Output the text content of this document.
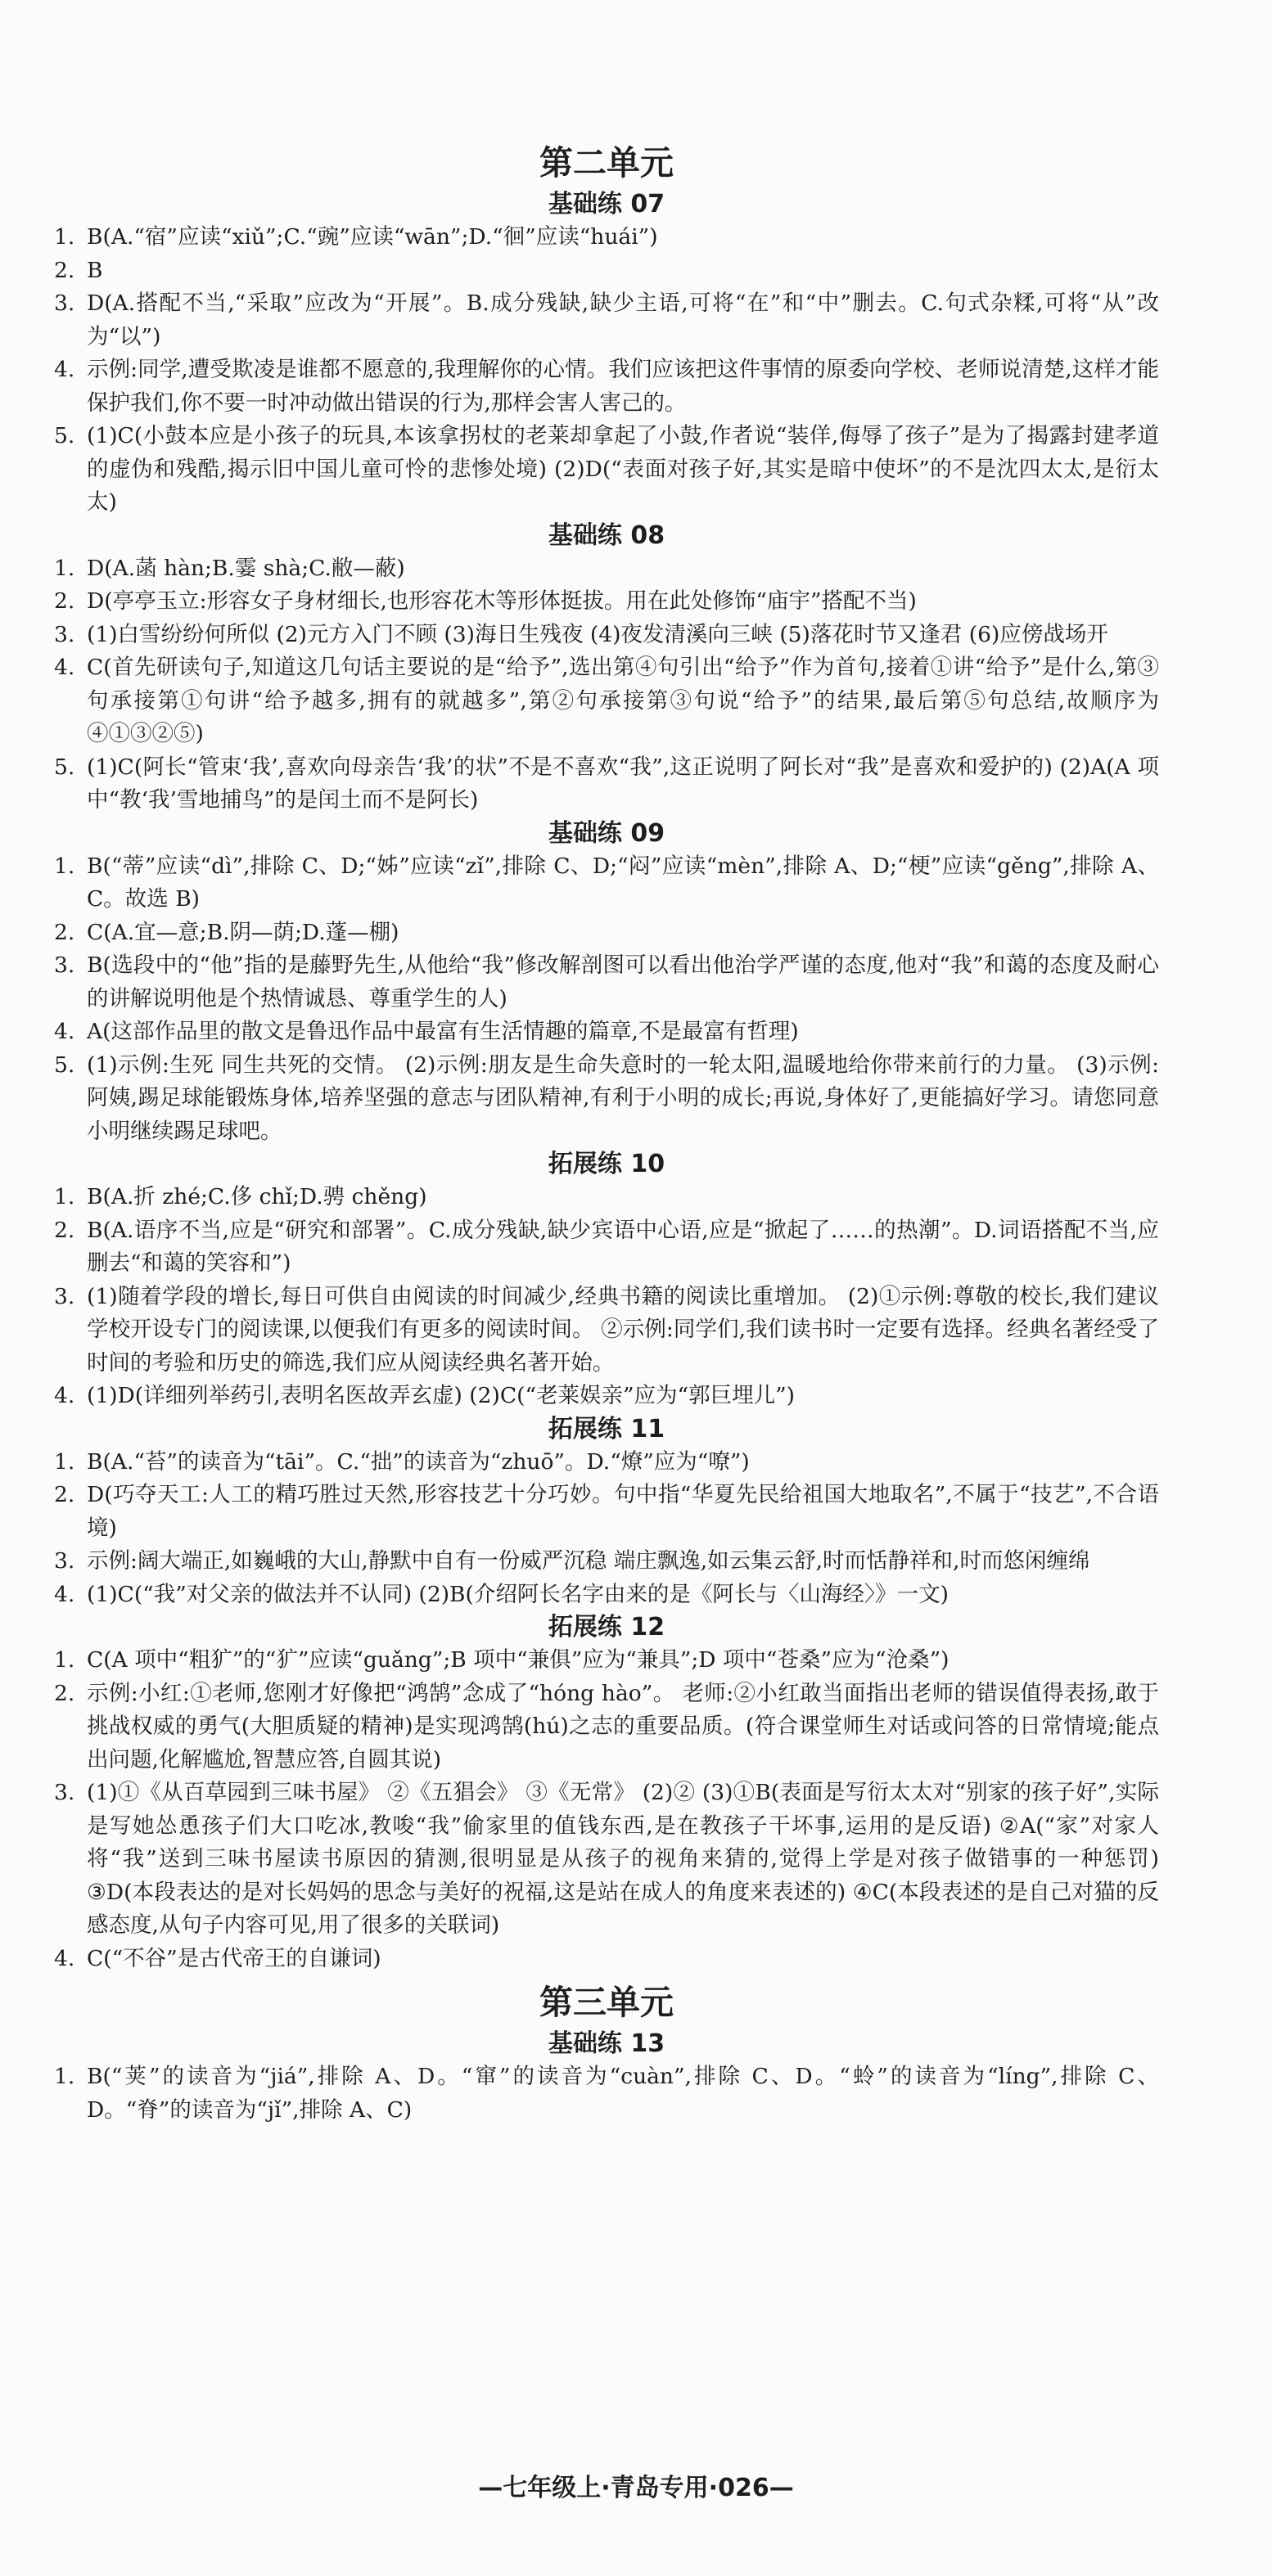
第二单元
基础练 07
1. B(A.“宿”应读“xiǔ”;C.“豌”应读“wān”;D.“徊”应读“huái”)
2. B
3. D(A.搭配不当,“采取”应改为“开展”。B.成分残缺,缺少主语,可将“在”和“中”删去。C.句式杂糅,可将“从”改为“以”)
4. 示例:同学,遭受欺凌是谁都不愿意的,我理解你的心情。我们应该把这件事情的原委向学校、老师说清楚,这样才能保护我们,你不要一时冲动做出错误的行为,那样会害人害己的。
5. (1)C(小鼓本应是小孩子的玩具,本该拿拐杖的老莱却拿起了小鼓,作者说“装佯,侮辱了孩子”是为了揭露封建孝道的虚伪和残酷,揭示旧中国儿童可怜的悲惨处境) (2)D(“表面对孩子好,其实是暗中使坏”的不是沈四太太,是衍太太)
基础练 08
1. D(A.菡 hàn;B.霎 shà;C.敝—蔽)
2. D(亭亭玉立:形容女子身材细长,也形容花木等形体挺拔。用在此处修饰“庙宇”搭配不当)
3. (1)白雪纷纷何所似 (2)元方入门不顾 (3)海日生残夜 (4)夜发清溪向三峡 (5)落花时节又逢君 (6)应傍战场开
4. C(首先研读句子,知道这几句话主要说的是“给予”,选出第④句引出“给予”作为首句,接着①讲“给予”是什么,第③句承接第①句讲“给予越多,拥有的就越多”,第②句承接第③句说“给予”的结果,最后第⑤句总结,故顺序为④①③②⑤)
5. (1)C(阿长“管束‘我’,喜欢向母亲告‘我’的状”不是不喜欢“我”,这正说明了阿长对“我”是喜欢和爱护的) (2)A(A 项中“教‘我’雪地捕鸟”的是闰土而不是阿长)
基础练 09
1. B(“蒂”应读“dì”,排除 C、D;“姊”应读“zǐ”,排除 C、D;“闷”应读“mèn”,排除 A、D;“梗”应读“gěng”,排除 A、C。故选 B)
2. C(A.宜—意;B.阴—荫;D.蓬—棚)
3. B(选段中的“他”指的是藤野先生,从他给“我”修改解剖图可以看出他治学严谨的态度,他对“我”和蔼的态度及耐心的讲解说明他是个热情诚恳、尊重学生的人)
4. A(这部作品里的散文是鲁迅作品中最富有生活情趣的篇章,不是最富有哲理)
5. (1)示例:生死 同生共死的交情。 (2)示例:朋友是生命失意时的一轮太阳,温暖地给你带来前行的力量。 (3)示例:阿姨,踢足球能锻炼身体,培养坚强的意志与团队精神,有利于小明的成长;再说,身体好了,更能搞好学习。请您同意小明继续踢足球吧。
拓展练 10
1. B(A.折 zhé;C.侈 chǐ;D.骋 chěng)
2. B(A.语序不当,应是“研究和部署”。C.成分残缺,缺少宾语中心语,应是“掀起了……的热潮”。D.词语搭配不当,应删去“和蔼的笑容和”)
3. (1)随着学段的增长,每日可供自由阅读的时间减少,经典书籍的阅读比重增加。 (2)①示例:尊敬的校长,我们建议学校开设专门的阅读课,以便我们有更多的阅读时间。 ②示例:同学们,我们读书时一定要有选择。经典名著经受了时间的考验和历史的筛选,我们应从阅读经典名著开始。
4. (1)D(详细列举药引,表明名医故弄玄虚) (2)C(“老莱娱亲”应为“郭巨埋儿”)
拓展练 11
1. B(A.“苔”的读音为“tāi”。C.“拙”的读音为“zhuō”。D.“燎”应为“嘹”)
2. D(巧夺天工:人工的精巧胜过天然,形容技艺十分巧妙。句中指“华夏先民给祖国大地取名”,不属于“技艺”,不合语境)
3. 示例:阔大端正,如巍峨的大山,静默中自有一份威严沉稳 端庄飘逸,如云集云舒,时而恬静祥和,时而悠闲缠绵
4. (1)C(“我”对父亲的做法并不认同) (2)B(介绍阿长名字由来的是《阿长与〈山海经〉》一文)
拓展练 12
1. C(A 项中“粗犷”的“犷”应读“guǎng”;B 项中“兼俱”应为“兼具”;D 项中“苍桑”应为“沧桑”)
2. 示例:小红:①老师,您刚才好像把“鸿鹄”念成了“hóng hào”。 老师:②小红敢当面指出老师的错误值得表扬,敢于挑战权威的勇气(大胆质疑的精神)是实现鸿鹄(hú)之志的重要品质。(符合课堂师生对话或问答的日常情境;能点出问题,化解尴尬,智慧应答,自圆其说)
3. (1)①《从百草园到三味书屋》 ②《五猖会》 ③《无常》 (2)② (3)①B(表面是写衍太太对“别家的孩子好”,实际是写她怂恿孩子们大口吃冰,教唆“我”偷家里的值钱东西,是在教孩子干坏事,运用的是反语) ②A(“家”对家人将“我”送到三味书屋读书原因的猜测,很明显是从孩子的视角来猜的,觉得上学是对孩子做错事的一种惩罚) ③D(本段表达的是对长妈妈的思念与美好的祝福,这是站在成人的角度来表述的) ④C(本段表述的是自己对猫的反感态度,从句子内容可见,用了很多的关联词)
4. C(“不谷”是古代帝王的自谦词)
第三单元
基础练 13
1. B(“荚”的读音为“jiá”,排除 A、D。“窜”的读音为“cuàn”,排除 C、D。“蛉”的读音为“líng”,排除 C、D。“脊”的读音为“jǐ”,排除 A、C)
—七年级上·青岛专用·026—
